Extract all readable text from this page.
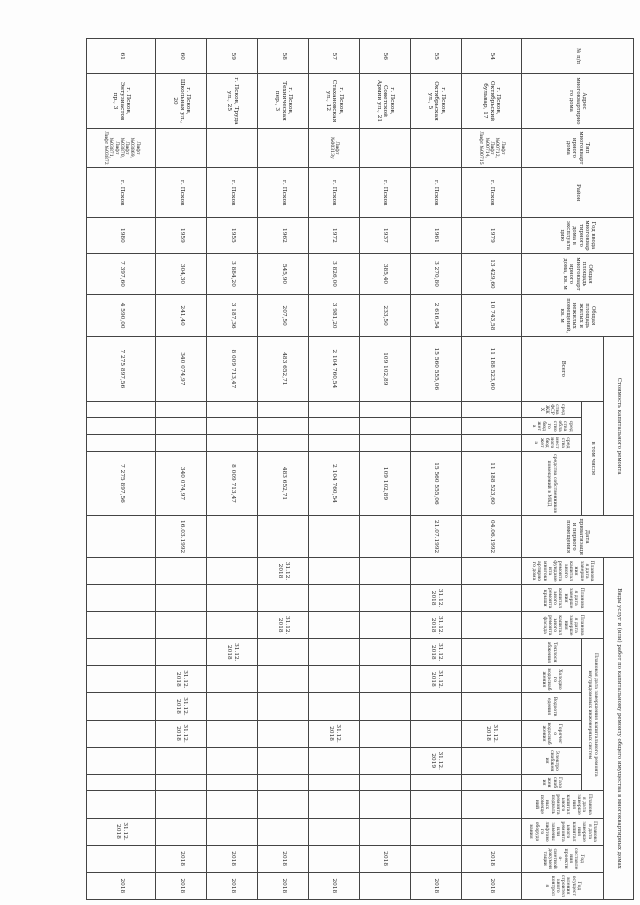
№ п/п	Адрес многоквартирного дома	Тип многоквартирного дома	Район	Год ввода многоквартирного дома в эксплуатацию	Общая площадь многоквартирного дома, кв. м	Общая площадь жилых и нежилых помещений, кв. м	Стоимость капитального ремонта					Дата приватизации первого помещения	Виды услуг и (или) работ по капитальному ремонту общего имущества в многоквартирных домах												
							Всего	в том числе					Плановая дата завершения капитального ремонта фундамента многоквартирного дома	Плановая дата завершения капитального ремонта крыши	Плановая дата завершения капитального ремонта фасада	Плановая дата завершения капитального ремонта внутридомовых инженерных систем						Плановая дата завершения капитального ремонта подвальных помещений	Плановая дата завершения капитального ремонта или замены лифтового оборудования	Год составления проектно-сметной документации	Год осуществления строительного контроля
								средства ФСР ЖКХ	средства областного бюджета	средства местного бюджета	средства собственников помещений в МКД					Теплоснабжения	Холодного водоснабжения	Водоотведения	Горячего водоснабжения	Электроснабжения	Газоснабжения				
54	г. Псков, Октябрьский бульвар, 17	Лифт №00712, Лифт №00714, Лифт №00715	г. Псков	1979	13 429,60	10 743,58	11 188 523,60				11 188 523,60	04.06.1992							31.12.2018					2018	2018
55	г. Псков, Октябрьская ул., 5		г. Псков	1961	3 270,80	2 616,54	15 560 555,06				15 560 555,06	21.07.1992		31.12.2018	31.12.2018	31.12.2018	31.12.2018			31.12.2019					2018
56	г. Псков, Советской Армии ул., 21		г. Псков	1937	385,40	233,50	109 102,89				109 102,89													2018	
57	г. Псков, Стахановская ул., 12	Лифт №00313у	г. Псков	1972	3 826,00	3 981,20	2 104 760,54				2 104 760,54								31.12.2018						2018
58	г. Псков, Техническая пер., 3		г. Псков	1962	545,90	207,50	483 652,71				483 652,71		31.12.2018		31.12.2018									2018	2018
59	г. Псков, Труда ул., 25		г. Псков	1955	3 884,20	3 187,36	8 009 713,47				8 009 713,47					31.12.2018								2018	2018
60	г. Псков, Школьная ул., 20		г. Псков	1959	304,30	241,40	340 074,97				340 074,97	16.03.1992					31.12.2018	31.12.2018	31.12.2018					2018	2018
61	г. Псков, Энтузиастов пр., 3	Лифт №03869, Лифт №03870, Лифт №03871, Лифт №03872	г. Псков	1980	7 397,60	4 590,00	7 275 897,56				7 275 897,56												31.12.2018		2018
